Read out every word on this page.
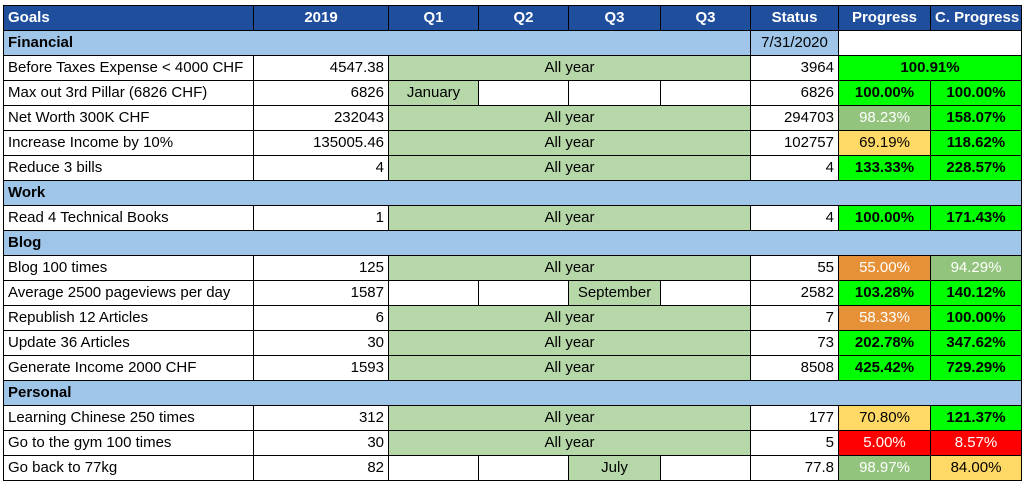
Goals	2019	Q1	Q2	Q3	Q3	Status	Progress	C. Progress
Financial						7/31/2020		
Before Taxes Expense < 4000 CHF	4547.38	All year				3964	100.91%	
Max out 3rd Pillar (6826 CHF)	6826	January				6826	100.00%	100.00%
Net Worth 300K CHF	232043	All year				294703	98.23%	158.07%
Increase Income by 10%	135005.46	All year				102757	69.19%	118.62%
Reduce 3 bills	4	All year				4	133.33%	228.57%
Work								
Read 4 Technical Books	1	All year				4	100.00%	171.43%
Blog								
Blog 100 times	125	All year				55	55.00%	94.29%
Average 2500 pageviews per day	1587			September		2582	103.28%	140.12%
Republish 12 Articles	6	All year				7	58.33%	100.00%
Update 36 Articles	30	All year				73	202.78%	347.62%
Generate Income 2000 CHF	1593	All year				8508	425.42%	729.29%
Personal								
Learning Chinese 250 times	312	All year				177	70.80%	121.37%
Go to the gym 100 times	30	All year				5	5.00%	8.57%
Go back to 77kg	82			July		77.8	98.97%	84.00%
